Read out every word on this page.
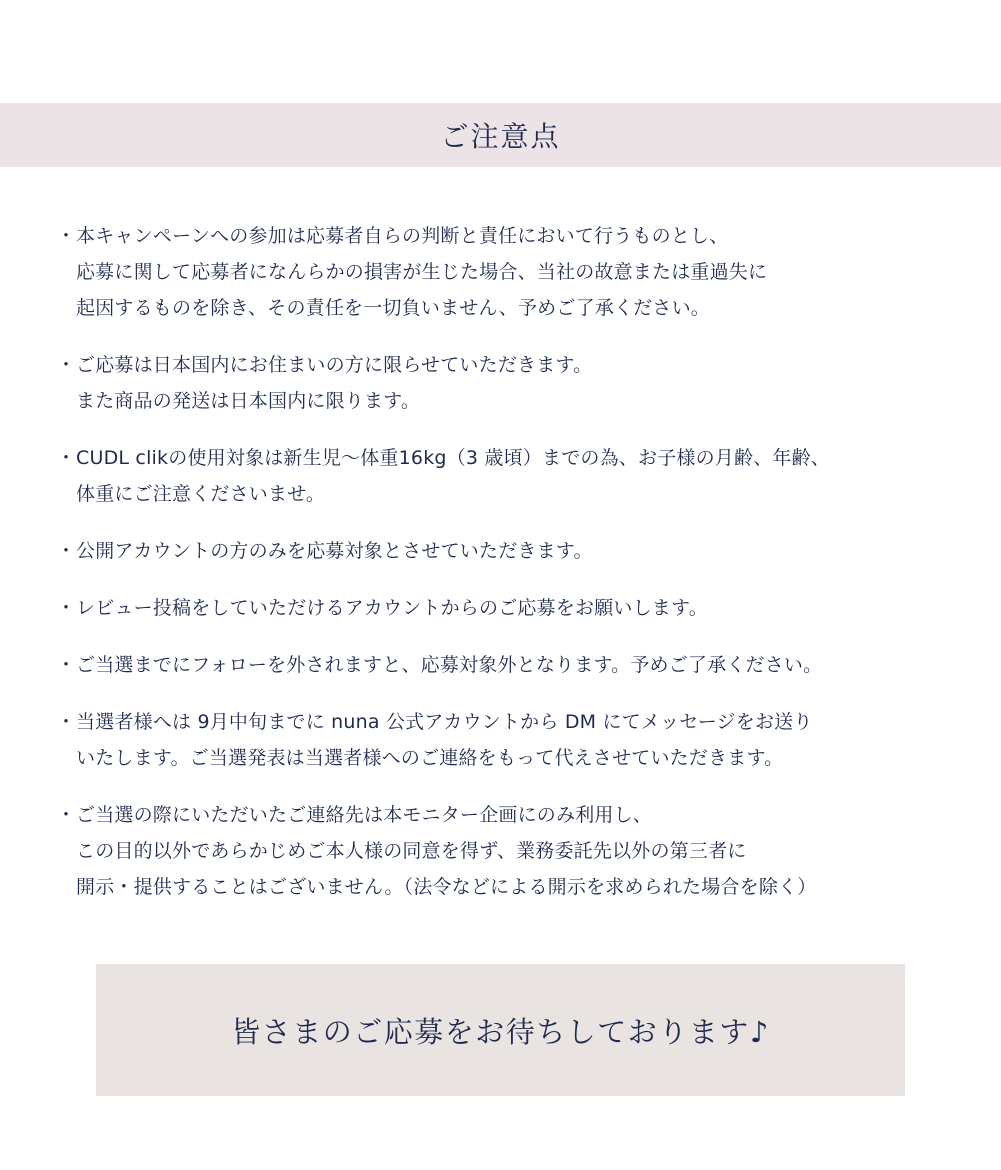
ご注意点
・ 本キャンペーンへの参加は応募者自らの判断と責任において行うものとし、
応募に関して応募者になんらかの損害が生じた場合、当社の故意または重過失に
起因するものを除き、その責任を一切負いません、予めご了承ください。
・ ご応募は日本国内にお住まいの方に限らせていただきます。
また商品の発送は日本国内に限ります。
・ CUDL clikの使用対象は新生児～体重16kg（3 歳頃）までの為、お子様の月齢、年齢、
体重にご注意くださいませ。
・ 公開アカウントの方のみを応募対象とさせていただきます。
・ レビュー投稿をしていただけるアカウントからのご応募をお願いします。
・ ご当選までにフォローを外されますと、応募対象外となります。予めご了承ください。
・ 当選者様へは 9月中旬までに nuna 公式アカウントから DM にてメッセージをお送り
いたします。ご当選発表は当選者様へのご連絡をもって代えさせていただきます。
・ ご当選の際にいただいたご連絡先は本モニター企画にのみ利用し、
この目的以外であらかじめご本人様の同意を得ず、業務委託先以外の第三者に
開示・提供することはございません。（法令などによる開示を求められた場合を除く）
皆さまのご応募をお待ちしております♪
